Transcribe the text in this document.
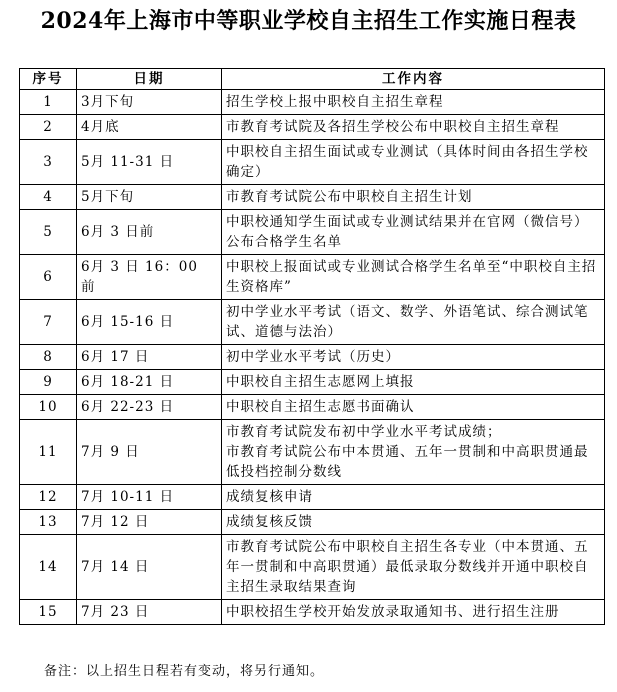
2024年上海市中等职业学校自主招生工作实施日程表
序号	日期	工作内容
1	3月下旬	招生学校上报中职校自主招生章程

2	4月底	市教育考试院及各招生学校公布中职校自主招生章程

3	5月 11-31 日	中职校自主招生面试或专业测试（具体时间由各招生学校确定）

4	5月下旬	市教育考试院公布中职校自主招生计划

5	6月 3 日前	中职校通知学生面试或专业测试结果并在官网（微信号）公布合格学生名单

6	6月 3 日 16：00 前	中职校上报面试或专业测试合格学生名单至“中职校自主招生资格库”

7	6月 15-16 日	初中学业水平考试（语文、数学、外语笔试、综合测试笔试、道德与法治）

8	6月 17 日	初中学业水平考试（历史）

9	6月 18-21 日	中职校自主招生志愿网上填报

10	6月 22-23 日	中职校自主招生志愿书面确认

11	7月 9 日	市教育考试院发布初中学业水平考试成绩；
市教育考试院公布中本贯通、五年一贯制和中高职贯通最低投档控制分数线

12	7月 10-11 日	成绩复核申请

13	7月 12 日	成绩复核反馈

14	7月 14 日	市教育考试院公布中职校自主招生各专业（中本贯通、五年一贯制和中高职贯通）最低录取分数线并开通中职校自主招生录取结果查询

15	7月 23 日	中职校招生学校开始发放录取通知书、进行招生注册
备注：以上招生日程若有变动，将另行通知。
